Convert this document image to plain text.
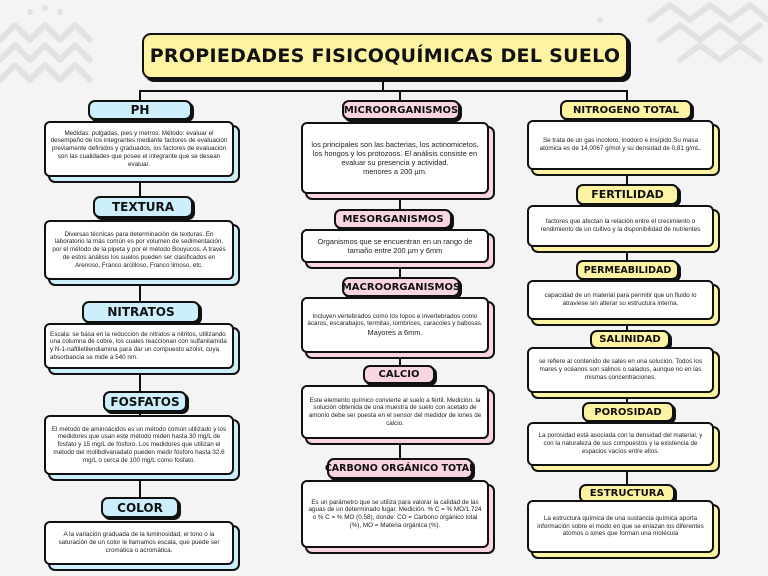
PROPIEDADES FISICOQUÍMICAS DEL SUELO
PH
Medidas: pulgadas, pies y metros. Método: evaluar el desempeño de los integrantes mediante factores de evaluación previamente definidos y graduados, los factores de evaluación son las cualidades que posee el integrante que se desean evaluar.
TEXTURA
Diversas técnicas para determinación de texturas. En laboratorio la más común es por volumen de sedimentación, por el método de la pipeta y por el método Bouyucos. A través de estos análisis los suelos pueden ser clasificados en Arenoso, Franco arcilloso, Franco limoso, etc.
NITRATOS
Escala: se basa en la reducción de nitratos a nitritos, utilizando una columna de cobre, los cuales reaccionan con sulfanilamida y N-1-naftiletilendiamina para dar un compuesto azolst, cuya absorbancia se mide a 540 nm.
FOSFATOS
El método de aminoácidos es un método común utilizado y los medidores que usan este método miden hasta 30 mg/L de fosfato y 15 mg/L de fósforo. Los medidores que utilizan el método del molibdivanadato pueden medir fósforo hasta 32.6 mg/L o cerca de 100 mg/L como fosfato.
COLOR
A la variación graduada de la luminosidad, el tono o la saturación de un color le llamamos escala, que puede ser cromática o acromática.
MICROORGANISMOS
los principales son las bacterias, los actinomicetos, los hongos y los protozoos. El análisis consiste en evaluar su presencia y actividad.
menores a 200 µm.
MESORGANISMOS
Organismos que se encuentran en un rango de tamaño entre 200 µm y 6mm
MACROORGANISMOS
Incluyen vertebrados como los topos e invertebrados como ácaros, escarabajos, termitas, lombrices, caracoles y babosas.
Mayores a 6mm.
CALCIO
Este elemento químico convierte al suelo a fértil. Medición. la solución obtenida de una muestra de suelo con acetato de amonio debe ser puesta en el sensor del medidor de iones de calcio.
CARBONO ORGÁNICO TOTAL
Es un parámetro que se utiliza para valorar la calidad de las aguas de un determinado lugar. Medición. % C = % MO/1.724 o % C = % MO (0.58), donde: CO = Carbono orgánico total (%), MO = Materia orgánica (%).
NITROGENO TOTAL
Se trata de un gas incoloro, inodoro e insípido.Su masa atómica es de 14,0067 g/mol y su densidad de 0,81 g/mL.
FERTILIDAD
factores que afectan la relación entre el crecimiento o rendimiento de un cultivo y la disponibilidad de nutrientes
PERMEABILIDAD
capacidad de un material para permitir que un fluido lo atraviese sin alterar su estructura interna.
SALINIDAD
se refiere al contenido de sales en una solución. Todos los mares y océanos son salinos o salados, aunque no en las mismas concentraciones.
POROSIDAD
La porosidad está asociada con la densidad del material, y con la naturaleza de sus compuestos y la existencia de espacios vacíos entre ellos.
ESTRUCTURA
La estructura química de una sustancia química aporta información sobre el modo en que se enlazan los diferentes átomos o iones que forman una molécula
